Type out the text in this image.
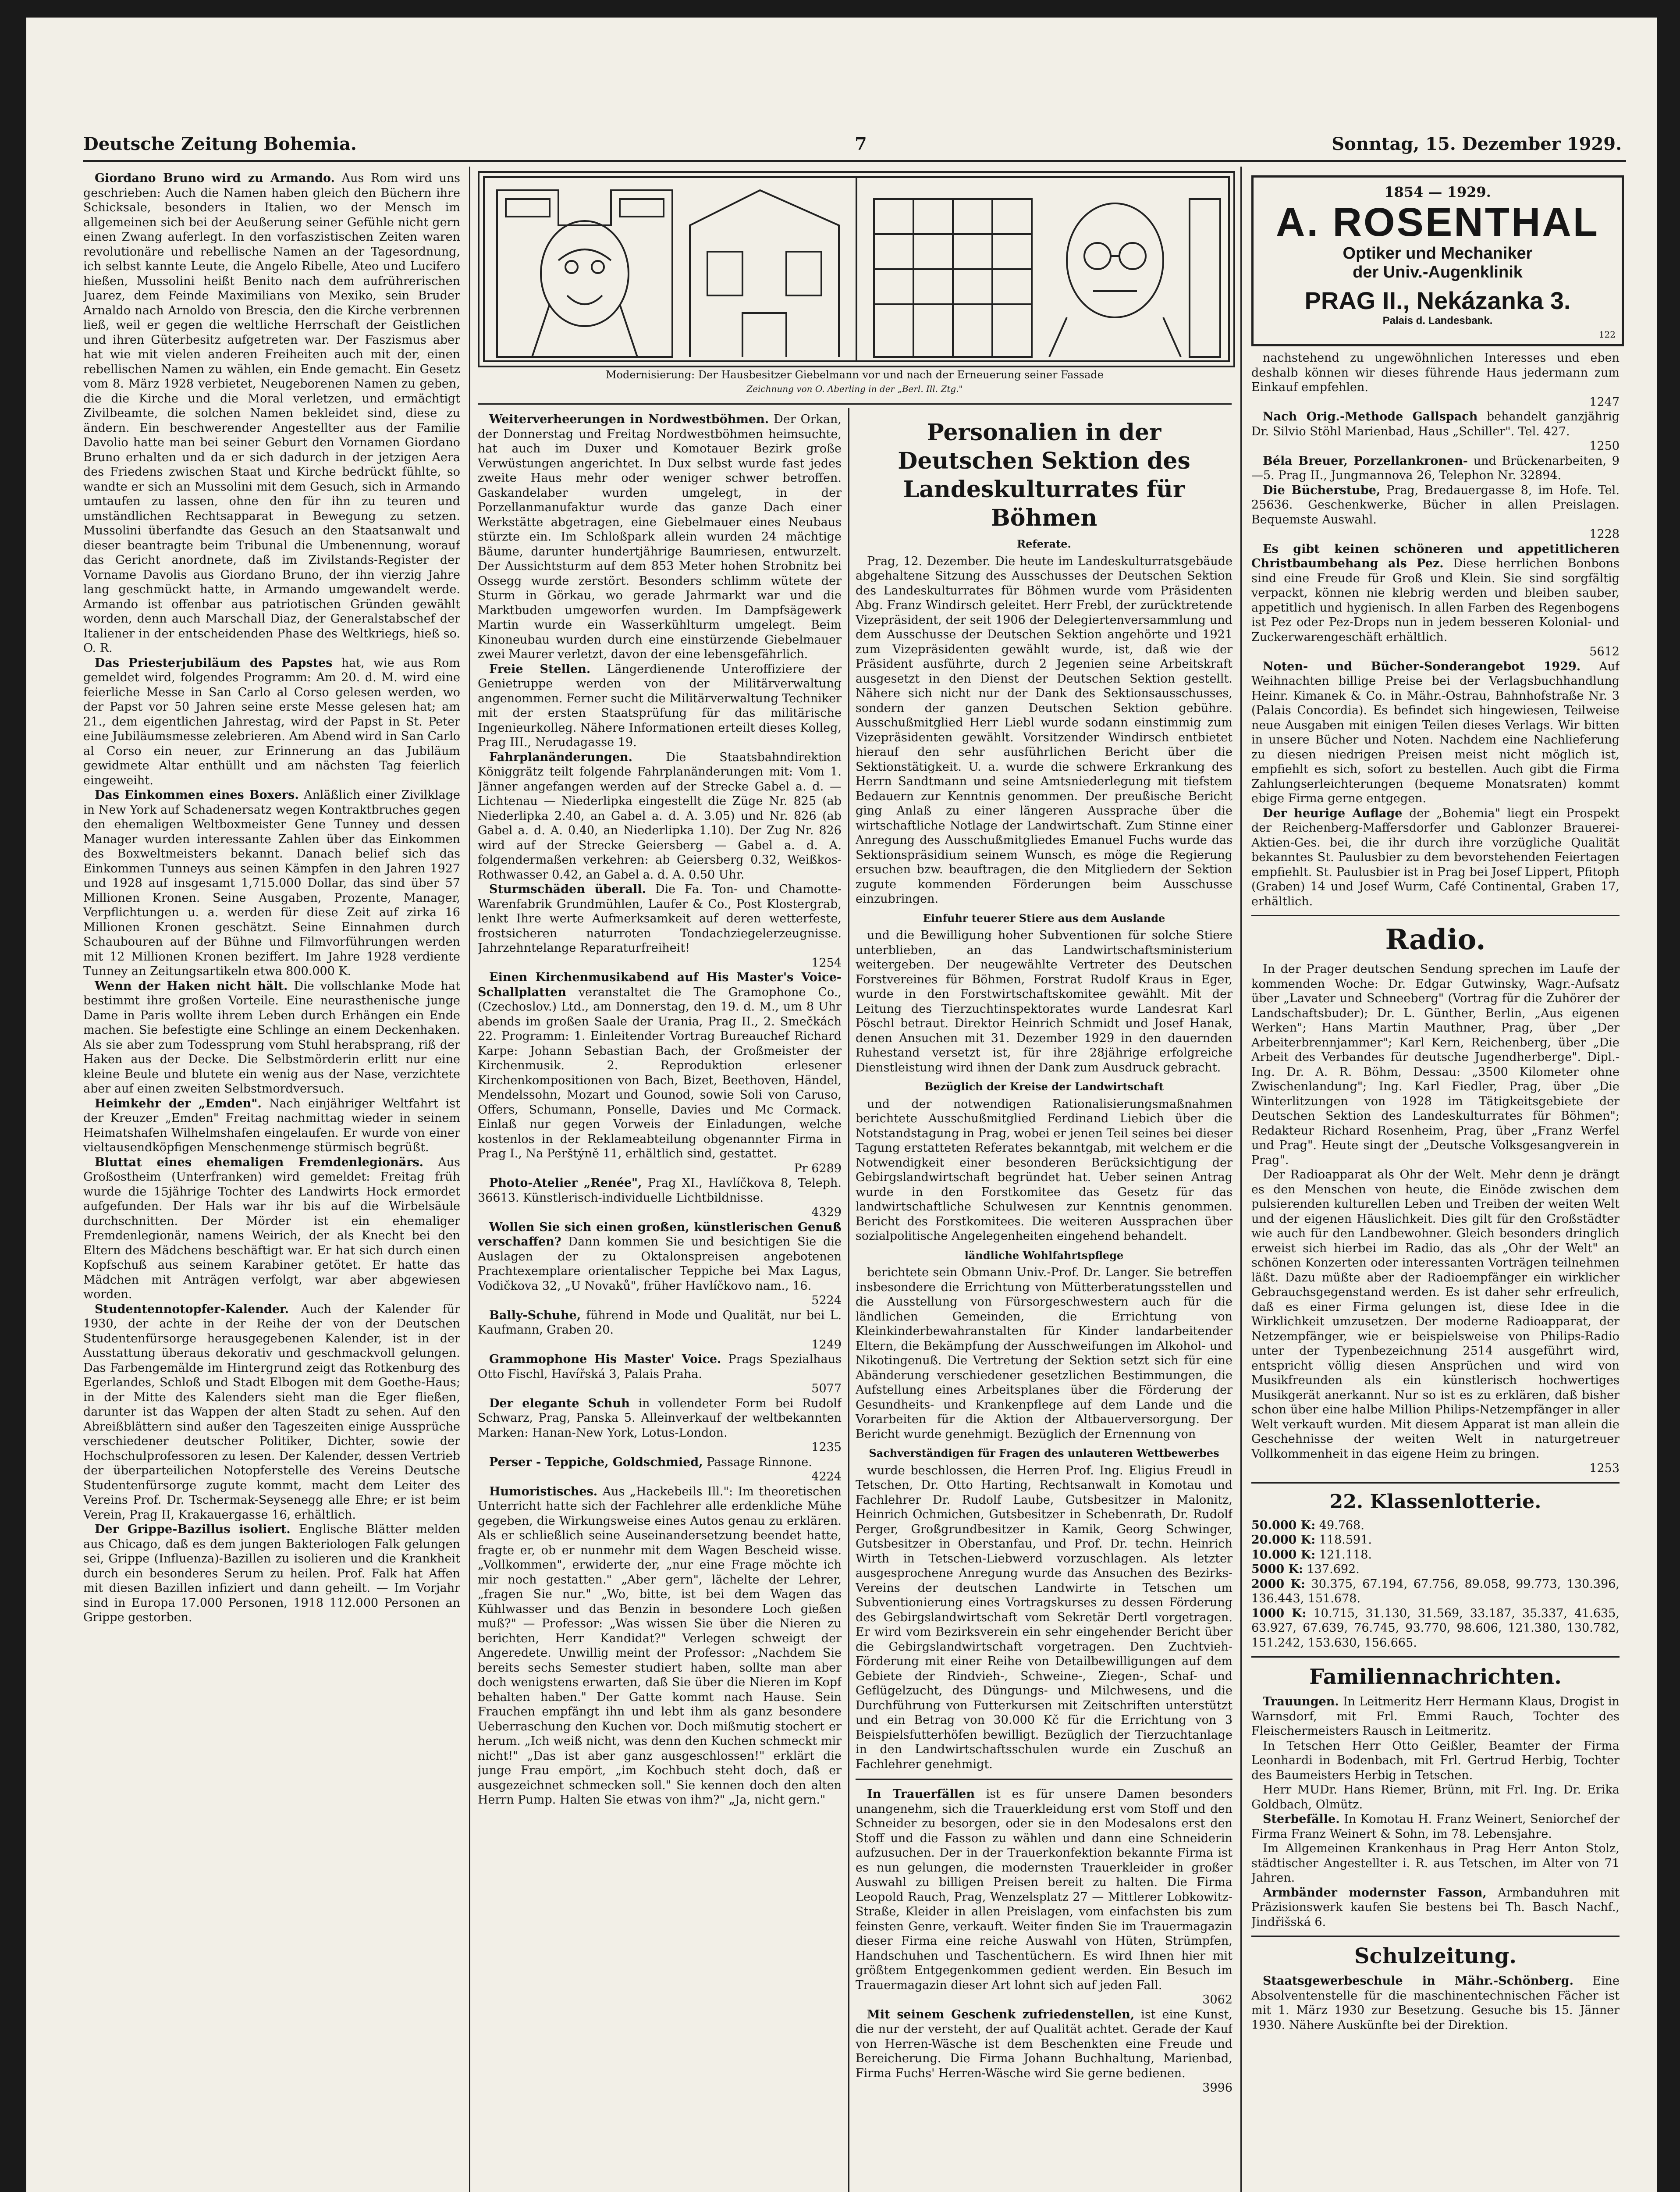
Deutsche Zeitung Bohemia.	7	Sonntag, 15. Dezember 1929.

Giordano Bruno wird zu Armando. Aus Rom wird uns geschrieben: Auch die Namen haben gleich den Büchern ihre Schicksale, besonders in Italien, wo der Mensch im allgemeinen sich bei der Aeußerung seiner Gefühle nicht gern einen Zwang auferlegt. In den vorfaszistischen Zeiten waren revolutionäre und rebellische Namen an der Tagesordnung, ich selbst kannte Leute, die Angelo Ribelle, Ateo und Lucifero hießen, Mussolini heißt Benito nach dem aufrührerischen Juarez, dem Feinde Maximilians von Mexiko, sein Bruder Arnaldo nach Arnoldo von Brescia, den die Kirche verbrennen ließ, weil er gegen die weltliche Herrschaft der Geistlichen und ihren Güterbesitz aufgetreten war. Der Faszismus aber hat wie mit vielen anderen Freiheiten auch mit der, einen rebellischen Namen zu wählen, ein Ende gemacht. Ein Gesetz vom 8. März 1928 verbietet, Neugeborenen Namen zu geben, die die Kirche und die Moral verletzen, und ermächtigt Zivilbeamte, die solchen Namen bekleidet sind, diese zu ändern. Ein beschwerender Angestellter aus der Familie Davolio hatte man bei seiner Geburt den Vornamen Giordano Bruno erhalten und da er sich dadurch in der jetzigen Aera des Friedens zwischen Staat und Kirche bedrückt fühlte, so wandte er sich an Mussolini mit dem Gesuch, sich in Armando umtaufen zu lassen, ohne den für ihn zu teuren und umständlichen Rechtsapparat in Bewegung zu setzen. Mussolini überfandte das Gesuch an den Staatsanwalt und dieser beantragte beim Tribunal die Umbenennung, worauf das Gericht anordnete, daß im Zivilstands-Register der Vorname Davolis aus Giordano Bruno, der ihn vierzig Jahre lang geschmückt hatte, in Armando umgewandelt werde. Armando ist offenbar aus patriotischen Gründen gewählt worden, denn auch Marschall Diaz, der Generalstabschef der Italiener in der entscheidenden Phase des Weltkriegs, hieß so. O. R.

Das Priesterjubiläum des Papstes hat, wie aus Rom gemeldet wird, folgendes Programm: Am 20. d. M. wird eine feierliche Messe in San Carlo al Corso gelesen werden, wo der Papst vor 50 Jahren seine erste Messe gelesen hat; am 21., dem eigentlichen Jahrestag, wird der Papst in St. Peter eine Jubiläumsmesse zelebrieren. Am Abend wird in San Carlo al Corso ein neuer, zur Erinnerung an das Jubiläum gewidmete Altar enthüllt und am nächsten Tag feierlich eingeweiht.

Das Einkommen eines Boxers. Anläßlich einer Zivilklage in New York auf Schadenersatz wegen Kontraktbruches gegen den ehemaligen Weltboxmeister Gene Tunney und dessen Manager wurden interessante Zahlen über das Einkommen des Boxweltmeisters bekannt. Danach belief sich das Einkommen Tunneys aus seinen Kämpfen in den Jahren 1927 und 1928 auf insgesamt 1,715.000 Dollar, das sind über 57 Millionen Kronen. Seine Ausgaben, Prozente, Manager, Verpflichtungen u. a. werden für diese Zeit auf zirka 16 Millionen Kronen geschätzt. Seine Einnahmen durch Schaubouren auf der Bühne und Filmvorführungen werden mit 12 Millionen Kronen beziffert. Im Jahre 1928 verdiente Tunney an Zeitungsartikeln etwa 800.000 K.

Wenn der Haken nicht hält. Die vollschlanke Mode hat bestimmt ihre großen Vorteile. Eine neurasthenische junge Dame in Paris wollte ihrem Leben durch Erhängen ein Ende machen. Sie befestigte eine Schlinge an einem Deckenhaken. Als sie aber zum Todessprung vom Stuhl herabsprang, riß der Haken aus der Decke. Die Selbstmörderin erlitt nur eine kleine Beule und blutete ein wenig aus der Nase, verzichtete aber auf einen zweiten Selbstmordversuch.

Heimkehr der „Emden". Nach einjähriger Weltfahrt ist der Kreuzer „Emden" Freitag nachmittag wieder in seinem Heimatshafen Wilhelmshafen eingelaufen. Er wurde von einer vieltausendköpfigen Menschenmenge stürmisch begrüßt.

Bluttat eines ehemaligen Fremdenlegionärs. Aus Großostheim (Unterfranken) wird gemeldet: Freitag früh wurde die 15jährige Tochter des Landwirts Hock ermordet aufgefunden. Der Hals war ihr bis auf die Wirbelsäule durchschnitten. Der Mörder ist ein ehemaliger Fremdenlegionär, namens Weirich, der als Knecht bei den Eltern des Mädchens beschäftigt war. Er hat sich durch einen Kopfschuß aus seinem Karabiner getötet. Er hatte das Mädchen mit Anträgen verfolgt, war aber abgewiesen worden.

Studentennotopfer-Kalender. Auch der Kalender für 1930, der achte in der Reihe der von der Deutschen Studentenfürsorge herausgegebenen Kalender, ist in der Ausstattung überaus dekorativ und geschmackvoll gelungen. Das Farbengemälde im Hintergrund zeigt das Rotkenburg des Egerlandes, Schloß und Stadt Elbogen mit dem Goethe-Haus; in der Mitte des Kalenders sieht man die Eger fließen, darunter ist das Wappen der alten Stadt zu sehen. Auf den Abreißblättern sind außer den Tageszeiten einige Aussprüche verschiedener deutscher Politiker, Dichter, sowie der Hochschulprofessoren zu lesen. Der Kalender, dessen Vertrieb der überparteilichen Notopferstelle des Vereins Deutsche Studentenfürsorge zugute kommt, macht dem Leiter des Vereins Prof. Dr. Tschermak-Seysenegg alle Ehre; er ist beim Verein, Prag II, Krakauergasse 16, erhältlich.

Der Grippe-Bazillus isoliert. Englische Blätter melden aus Chicago, daß es dem jungen Bakteriologen Falk gelungen sei, Grippe (Influenza)-Bazillen zu isolieren und die Krankheit durch ein besonderes Serum zu heilen. Prof. Falk hat Affen mit diesen Bazillen infiziert und dann geheilt. — Im Vorjahr sind in Europa 17.000 Personen, 1918 112.000 Personen an Grippe gestorben.

Modernisierung: Der Hausbesitzer Giebelmann vor und nach der Erneuerung seiner Fassade
Zeichnung von O. Aberling in der „Berl. Ill. Ztg."

Weiterverheerungen in Nordwestböhmen. Der Orkan, der Donnerstag und Freitag Nordwestböhmen heimsuchte, hat auch im Duxer und Komotauer Bezirk große Verwüstungen angerichtet. In Dux selbst wurde fast jedes zweite Haus mehr oder weniger schwer betroffen. Gaskandelaber wurden umgelegt, in der Porzellanmanufaktur wurde das ganze Dach einer Werkstätte abgetragen, eine Giebelmauer eines Neubaus stürzte ein. Im Schloßpark allein wurden 24 mächtige Bäume, darunter hundertjährige Baumriesen, entwurzelt. Der Aussichtsturm auf dem 853 Meter hohen Strobnitz bei Ossegg wurde zerstört. Besonders schlimm wütete der Sturm in Görkau, wo gerade Jahrmarkt war und die Marktbuden umgeworfen wurden. Im Dampfsägewerk Martin wurde ein Wasserkühlturm umgelegt. Beim Kinoneubau wurden durch eine einstürzende Giebelmauer zwei Maurer verletzt, davon der eine lebensgefährlich.

Freie Stellen. Längerdienende Unteroffiziere der Genietruppe werden von der Militärverwaltung angenommen. Ferner sucht die Militärverwaltung Techniker mit der ersten Staatsprüfung für das militärische Ingenieurkolleg. Nähere Informationen erteilt dieses Kolleg, Prag III., Nerudagasse 19.

Fahrplanänderungen.	Die Staatsbahndirektion Königgrätz teilt folgende Fahrplanänderungen mit: Vom 1. Jänner angefangen werden auf der Strecke Gabel a. d. — Lichtenau — Niederlipka eingestellt die Züge Nr. 825 (ab Niederlipka 2.40, an Gabel a. d. A. 3.05) und Nr. 826 (ab Gabel a. d. A. 0.40, an Niederlipka 1.10). Der Zug Nr. 826 wird auf der Strecke Geiersberg — Gabel a. d. A. folgendermaßen verkehren: ab Geiersberg 0.32, Weißkos-Rothwasser 0.42, an Gabel a. d. A. 0.50 Uhr.

Sturmschäden überall. Die Fa. Ton- und Chamotte-Warenfabrik Grundmühlen, Laufer & Co., Post Klostergrab, lenkt Ihre werte Aufmerksamkeit auf deren wetterfeste, frostsicheren naturroten Tondachziegelerzeugnisse. Jahrzehntelange Reparaturfreiheit!

1254

Einen Kirchenmusikabend auf His Master's Voice-Schallplatten veranstaltet die The Gramophone Co., (Czechoslov.) Ltd., am Donnerstag, den 19. d. M., um 8 Uhr abends im großen Saale der Urania, Prag II., 2. Smečkách 22. Programm: 1. Einleitender Vortrag Bureauchef Richard Karpe: Johann Sebastian Bach, der Großmeister der Kirchenmusik. 2. Reproduktion erlesener Kirchenkompositionen von Bach, Bizet, Beethoven, Händel, Mendelssohn, Mozart und Gounod, sowie Soli von Caruso, Offers, Schumann, Ponselle, Davies und Mc Cormack. Einlaß nur gegen Vorweis der Einladungen, welche kostenlos in der Reklameabteilung obgenannter Firma in Prag I., Na Perštýně 11, erhältlich sind, gestattet.

Pr 6289

Photo-Atelier „Renée", Prag XI., Havlíčkova 8, Teleph. 36613. Künstlerisch-individuelle Lichtbildnisse.

4329

Wollen Sie sich einen großen, künstlerischen Genuß verschaffen? Dann kommen Sie und besichtigen Sie die Auslagen der zu Oktalonspreisen angebotenen Prachtexemplare orientalischer Teppiche bei Max Lagus, Vodičkova 32, „U Novaků", früher Havlíčkovo nam., 16.

5224

Bally-Schuhe, führend in Mode und Qualität, nur bei L. Kaufmann, Graben 20.

1249

Grammophone His Master' Voice. Prags Spezialhaus Otto Fischl, Havířská 3, Palais Praha.

5077

Der elegante Schuh in vollendeter Form bei Rudolf Schwarz, Prag, Panska 5. Alleinverkauf der weltbekannten Marken: Hanan-New York, Lotus-London.

1235

Perser - Teppiche, Goldschmied, Passage Rinnone.

4224

Humoristisches. Aus „Hackebeils Ill.": Im theoretischen Unterricht hatte sich der Fachlehrer alle erdenkliche Mühe gegeben, die Wirkungsweise eines Autos genau zu erklären. Als er schließlich seine Auseinandersetzung beendet hatte, fragte er, ob er nunmehr mit dem Wagen Bescheid wisse. „Vollkommen", erwiderte der, „nur eine Frage möchte ich mir noch gestatten." „Aber gern", lächelte der Lehrer, „fragen Sie nur." „Wo, bitte, ist bei dem Wagen das Kühlwasser und das Benzin in besondere Loch gießen muß?" — Professor: „Was wissen Sie über die Nieren zu berichten, Herr Kandidat?" Verlegen schweigt der Angeredete. Unwillig meint der Professor: „Nachdem Sie bereits sechs Semester studiert haben, sollte man aber doch wenigstens erwarten, daß Sie über die Nieren im Kopf behalten haben." Der Gatte kommt nach Hause. Sein Frauchen empfängt ihn und lebt ihm als ganz besondere Ueberraschung den Kuchen vor. Doch mißmutig stochert er herum. „Ich weiß nicht, was denn den Kuchen schmeckt mir nicht!" „Das ist aber ganz ausgeschlossen!" erklärt die junge Frau empört, „im Kochbuch steht doch, daß er ausgezeichnet schmecken soll." Sie kennen doch den alten Herrn Pump. Halten Sie etwas von ihm?" „Ja, nicht gern."

Personalien in der Deutschen Sektion des Landeskulturrates für Böhmen
Referate.

Prag, 12. Dezember. Die heute im Landeskulturratsgebäude abgehaltene Sitzung des Ausschusses der Deutschen Sektion des Landeskulturrates für Böhmen wurde vom Präsidenten Abg. Franz Windirsch geleitet. Herr Frebl, der zurücktretende Vizepräsident, der seit 1906 der Delegiertenversammlung und dem Ausschusse der Deutschen Sektion angehörte und 1921 zum Vizepräsidenten gewählt wurde, ist, daß wie der Präsident ausführte, durch 2 Jegenien seine Arbeitskraft ausgesetzt in den Dienst der Deutschen Sektion gestellt. Nähere sich nicht nur der Dank des Sektionsausschusses, sondern der ganzen Deutschen Sektion gebühre. Ausschußmitglied Herr Liebl wurde sodann einstimmig zum Vizepräsidenten gewählt. Vorsitzender Windirsch entbietet hierauf den sehr ausführlichen Bericht über die Sektionstätigkeit. U. a. wurde die schwere Erkrankung des Herrn Sandtmann und seine Amtsniederlegung mit tiefstem Bedauern zur Kenntnis genommen. Der preußische Bericht ging Anlaß zu einer längeren Aussprache über die wirtschaftliche Notlage der Landwirtschaft. Zum Stinne einer Anregung des Ausschußmitgliedes Emanuel Fuchs wurde das Sektionspräsidium seinem Wunsch, es möge die Regierung ersuchen bzw. beauftragen, die den Mitgliedern der Sektion zugute kommenden Förderungen beim Ausschusse einzubringen.

Einfuhr teuerer Stiere aus dem Auslande

und die Bewilligung hoher Subventionen für solche Stiere unterblieben, an das Landwirtschaftsministerium weitergeben. Der neugewählte Vertreter des Deutschen Forstvereines für Böhmen, Forstrat Rudolf Kraus in Eger, wurde in den Forstwirtschaftskomitee gewählt. Mit der Leitung des Tierzuchtinspektorates wurde Landesrat Karl Pöschl betraut. Direktor Heinrich Schmidt und Josef Hanak, denen Ansuchen mit 31. Dezember 1929 in den dauernden Ruhestand versetzt ist, für ihre 28jährige erfolgreiche Dienstleistung wird ihnen der Dank zum Ausdruck gebracht.

Bezüglich der Kreise der Landwirtschaft

und der notwendigen Rationalisierungsmaßnahmen berichtete Ausschußmitglied Ferdinand Liebich über die Notstandstagung in Prag, wobei er jenen Teil seines bei dieser Tagung erstatteten Referates bekanntgab, mit welchem er die Notwendigkeit einer besonderen Berücksichtigung der Gebirgslandwirtschaft begründet hat. Ueber seinen Antrag wurde in den Forstkomitee das Gesetz für das landwirtschaftliche Schulwesen zur Kenntnis genommen. Bericht des Forstkomitees. Die weiteren Aussprachen über sozialpolitische Angelegenheiten eingehend behandelt.

ländliche Wohlfahrtspflege

berichtete sein Obmann Univ.-Prof. Dr. Langer. Sie betreffen insbesondere die Errichtung von Mütterberatungsstellen und die Ausstellung von Fürsorgeschwestern auch für die ländlichen Gemeinden, die Errichtung von Kleinkinderbewahranstalten für Kinder landarbeitender Eltern, die Bekämpfung der Ausschweifungen im Alkohol- und Nikotingenuß. Die Vertretung der Sektion setzt sich für eine Abänderung verschiedener gesetzlichen Bestimmungen, die Aufstellung eines Arbeitsplanes über die Förderung der Gesundheits- und Krankenpflege auf dem Lande und die Vorarbeiten für die Aktion der Altbauerversorgung. Der Bericht wurde genehmigt. Bezüglich der Ernennung von

Sachverständigen für Fragen des unlauteren Wettbewerbes

wurde beschlossen, die Herren Prof. Ing. Eligius Freudl in Tetschen, Dr. Otto Harting, Rechtsanwalt in Komotau und Fachlehrer Dr. Rudolf Laube, Gutsbesitzer in Malonitz, Heinrich Ochmichen, Gutsbesitzer in Schebenrath, Dr. Rudolf Perger, Großgrundbesitzer in Kamik, Georg Schwinger, Gutsbesitzer in Oberstanfau, und Prof. Dr. techn. Heinrich Wirth in Tetschen-Liebwerd vorzuschlagen. Als letzter ausgesprochene Anregung wurde das Ansuchen des Bezirks-Vereins der deutschen Landwirte in Tetschen um Subventionierung eines Vortragskurses zu dessen Förderung des Gebirgslandwirtschaft vom Sekretär Dertl vorgetragen. Er wird vom Bezirksverein ein sehr eingehender Bericht über die Gebirgslandwirtschaft vorgetragen. Den Zuchtvieh-Förderung mit einer Reihe von Detailbewilligungen auf dem Gebiete der Rindvieh-, Schweine-, Ziegen-, Schaf- und Geflügelzucht, des Düngungs- und Milchwesens, und die Durchführung von Futterkursen mit Zeitschriften unterstützt und ein Betrag von 30.000 Kč für die Errichtung von 3 Beispielsfutterhöfen bewilligt. Bezüglich der Tierzuchtanlage in den Landwirtschaftsschulen wurde ein Zuschuß an Fachlehrer genehmigt.

In Trauerfällen ist es für unsere Damen besonders unangenehm, sich die Trauerkleidung erst vom Stoff und den Schneider zu besorgen, oder sie in den Modesalons erst den Stoff und die Fasson zu wählen und dann eine Schneiderin aufzusuchen. Der in der Trauerkonfektion bekannte Firma ist es nun gelungen, die modernsten Trauerkleider in großer Auswahl zu billigen Preisen bereit zu halten. Die Firma Leopold Rauch, Prag, Wenzelsplatz 27 — Mittlerer Lobkowitz-Straße, Kleider in allen Preislagen, vom einfachsten bis zum feinsten Genre, verkauft. Weiter finden Sie im Trauermagazin dieser Firma eine reiche Auswahl von Hüten, Strümpfen, Handschuhen und Taschentüchern. Es wird Ihnen hier mit größtem Entgegenkommen gedient werden. Ein Besuch im Trauermagazin dieser Art lohnt sich auf jeden Fall.

3062

Mit seinem Geschenk zufriedenstellen, ist eine Kunst, die nur der versteht, der auf Qualität achtet. Gerade der Kauf von Herren-Wäsche ist dem Beschenkten eine Freude und Bereicherung. Die Firma Johann Buchhaltung, Marienbad, Firma Fuchs' Herren-Wäsche wird Sie gerne bedienen.

3996
1854 — 1929.
A. ROSENTHAL
Optiker und Mechaniker
der Univ.-Augenklinik
PRAG II., Nekázanka 3.
Palais d. Landesbank.
122

nachstehend zu ungewöhnlichen Interesses und eben deshalb können wir dieses führende Haus jedermann zum Einkauf empfehlen.

1247

Nach Orig.-Methode Gallspach behandelt ganzjährig Dr. Silvio Stöhl Marienbad, Haus „Schiller". Tel. 427.

1250

Béla Breuer, Porzellankronen- und Brückenarbeiten, 9—5. Prag II., Jungmannova 26, Telephon Nr. 32894.

Die Bücherstube, Prag, Bredauergasse 8, im Hofe. Tel. 25636. Geschenkwerke, Bücher in allen Preislagen. Bequemste Auswahl.

1228

Es gibt keinen schöneren und appetitlicheren Christbaumbehang als Pez. Diese herrlichen Bonbons sind eine Freude für Groß und Klein. Sie sind sorgfältig verpackt, können nie klebrig werden und bleiben sauber, appetitlich und hygienisch. In allen Farben des Regenbogens ist Pez oder Pez-Drops nun in jedem besseren Kolonial- und Zuckerwarengeschäft erhältlich.

5612

Noten- und Bücher-Sonderangebot 1929. Auf Weihnachten billige Preise bei der Verlagsbuchhandlung Heinr. Kimanek & Co. in Mähr.-Ostrau, Bahnhofstraße Nr. 3 (Palais Concordia). Es befindet sich hingewiesen, Teilweise neue Ausgaben mit einigen Teilen dieses Verlags. Wir bitten in unsere Bücher und Noten. Nachdem eine Nachlieferung zu diesen niedrigen Preisen meist nicht möglich ist, empfiehlt es sich, sofort zu bestellen. Auch gibt die Firma Zahlungserleichterungen (bequeme Monatsraten) kommt ebige Firma gerne entgegen.

Der heurige Auflage der „Bohemia" liegt ein Prospekt der Reichenberg-Maffersdorfer und Gablonzer Brauerei-Aktien-Ges. bei, die ihr durch ihre vorzügliche Qualität bekanntes St. Paulusbier zu dem bevorstehenden Feiertagen empfiehlt. St. Paulusbier ist in Prag bei Josef Lippert, Pfitoph (Graben) 14 und Josef Wurm, Café Continental, Graben 17, erhältlich.

Radio.

In der Prager deutschen Sendung sprechen im Laufe der kommenden Woche: Dr. Edgar Gutwinsky, Wagr.-Aufsatz über „Lavater und Schneeberg" (Vortrag für die Zuhörer der Landschaftsbuder); Dr. L. Günther, Berlin, „Aus eigenen Werken"; Hans Martin Mauthner, Prag, über „Der Arbeiterbrennjammer"; Karl Kern, Reichenberg, über „Die Arbeit des Verbandes für deutsche Jugendherberge". Dipl.-Ing. Dr. A. R. Böhm, Dessau: „3500 Kilometer ohne Zwischenlandung"; Ing. Karl Fiedler, Prag, über „Die Winterlitzungen von 1928 im Tätigkeitsgebiete der Deutschen Sektion des Landeskulturrates für Böhmen"; Redakteur Richard Rosenheim, Prag, über „Franz Werfel und Prag". Heute singt der „Deutsche Volksgesangverein in Prag".

Der Radioapparat als Ohr der Welt. Mehr denn je drängt es den Menschen von heute, die Einöde zwischen dem pulsierenden kulturellen Leben und Treiben der weiten Welt und der eigenen Häuslichkeit. Dies gilt für den Großstädter wie auch für den Landbewohner. Gleich besonders dringlich erweist sich hierbei im Radio, das als „Ohr der Welt" an schönen Konzerten oder interessanten Vorträgen teilnehmen läßt. Dazu müßte aber der Radioempfänger ein wirklicher Gebrauchsgegenstand werden. Es ist daher sehr erfreulich, daß es einer Firma gelungen ist, diese Idee in die Wirklichkeit umzusetzen. Der moderne Radioapparat, der Netzempfänger, wie er beispielsweise von Philips-Radio unter der Typenbezeichnung 2514 ausgeführt wird, entspricht völlig diesen Ansprüchen und wird von Musikfreunden als ein künstlerisch hochwertiges Musikgerät anerkannt. Nur so ist es zu erklären, daß bisher schon über eine halbe Million Philips-Netzempfänger in aller Welt verkauft wurden. Mit diesem Apparat ist man allein die Geschehnisse der weiten Welt in naturgetreuer Vollkommenheit in das eigene Heim zu bringen.

1253
22. Klassenlotterie.
50.000 K: 49.768.
20.000 K: 118.591.
10.000 K: 121.118.
5000 K: 137.692.
2000 K: 30.375, 67.194, 67.756, 89.058, 99.773, 130.396, 136.443, 151.678.
1000 K: 10.715, 31.130, 31.569, 33.187, 35.337, 41.635, 63.927, 67.639, 76.745, 93.770, 98.606, 121.380, 130.782, 151.242, 153.630, 156.665.
Familiennachrichten.

Trauungen. In Leitmeritz Herr Hermann Klaus, Drogist in Warnsdorf, mit Frl. Emmi Rauch, Tochter des Fleischermeisters Rausch in Leitmeritz.

In Tetschen Herr Otto Geißler, Beamter der Firma Leonhardi in Bodenbach, mit Frl. Gertrud Herbig, Tochter des Baumeisters Herbig in Tetschen.

Herr MUDr. Hans Riemer, Brünn, mit Frl. Ing. Dr. Erika Goldbach, Olmütz.

Sterbefälle. In Komotau H. Franz Weinert, Seniorchef der Firma Franz Weinert & Sohn, im 78. Lebensjahre.

Im Allgemeinen Krankenhaus in Prag Herr Anton Stolz, städtischer Angestellter i. R. aus Tetschen, im Alter von 71 Jahren.

Armbänder modernster Fasson, Armbanduhren mit Präzisionswerk kaufen Sie bestens bei Th. Basch Nachf., Jindřišská 6.

Schulzeitung.

Staatsgewerbeschule in Mähr.-Schönberg. Eine Absolventenstelle für die maschinentechnischen Fächer ist mit 1. März 1930 zur Besetzung. Gesuche bis 15. Jänner 1930. Nähere Auskünfte bei der Direktion.
